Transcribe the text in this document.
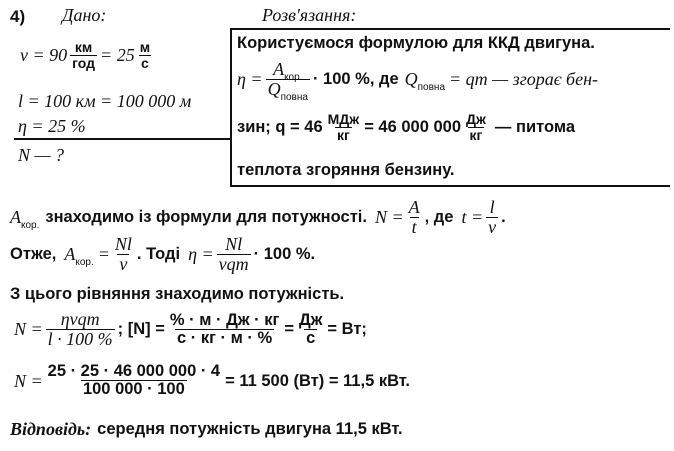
4) Дано:	Розв'язання:
$v = 90 \frac{км}{\text{год}} = 25 \frac{м}{с}$
l = 100 км = 100 000 м
η = 25 %
N — ?
Користуємося формулою для ККД двигуна.
$\eta = \frac{A_{кор.}}{Q_{повна}} \cdot 100$ %, де $Q_{повна}$ = qm — згорає бен-
зин; $q = 46 \frac{\text{МДж}}{кг} = 46$ 000 $000 \frac{Дж}{кг}$ — питома
теплота згоряння бензину.
$A_{кор.}$ знаходимо із формули для потужності. $N = \frac{A}{t}$ , де $t = \frac{l}{v}$ .
Отже, $A_{кор.} = \frac{Nl}{v}$ . Тоді $\eta = \frac{Nl}{\text{vqm}} \cdot 100$ %.
З цього рівняння знаходимо потужність.
$N = \frac{\text{ηvqm}}{l \cdot 100 \%}$ ; $[N] = \frac{\% \cdot м \cdot Дж \cdot кг}{с \cdot кг \cdot м \cdot \%} = \frac{Дж}{с}$ = Вт;
$N = \frac{25 \cdot 25 \cdot 46 000 000 \cdot 4}{100 000 \cdot 100} = 11$ 500 (Вт) = 11,5 кВт.
Відповідь: середня потужність двигуна 11,5 кВт.
